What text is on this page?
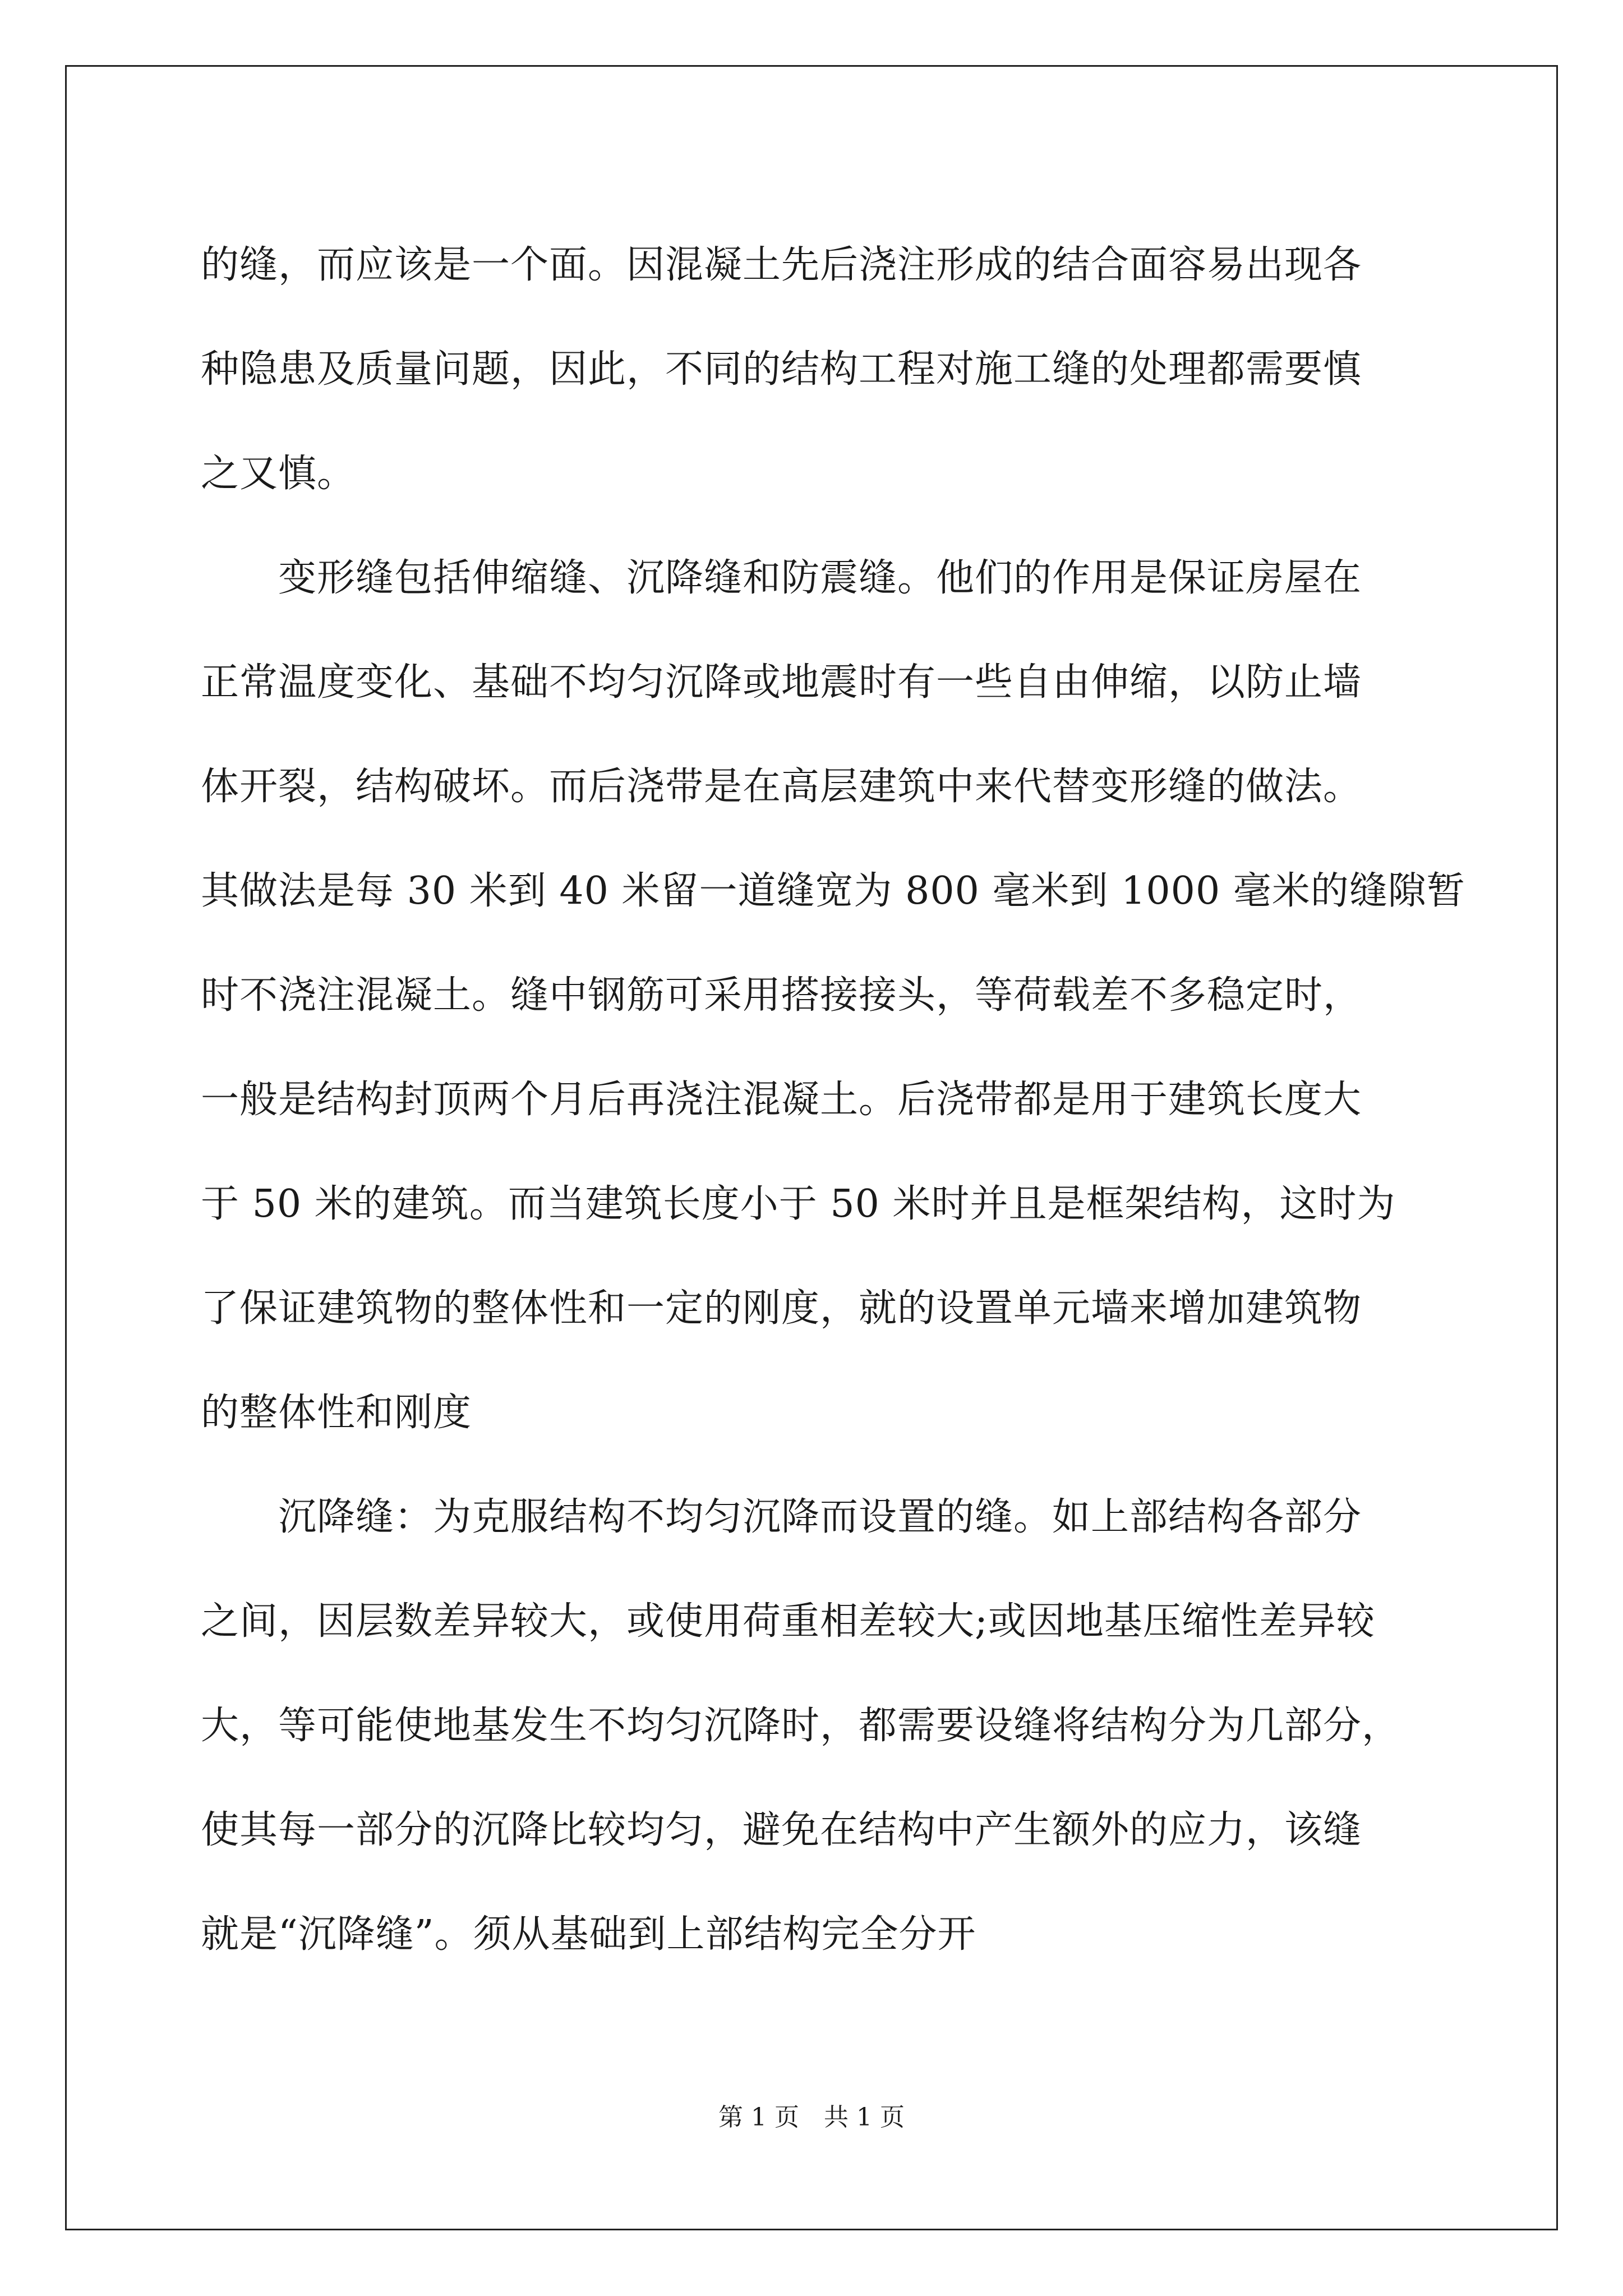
的缝，而应该是一个面。因混凝土先后浇注形成的结合面容易出现各
种隐患及质量问题，因此，不同的结构工程对施工缝的处理都需要慎
之又慎。
　　变形缝包括伸缩缝、沉降缝和防震缝。他们的作用是保证房屋在
正常温度变化、基础不均匀沉降或地震时有一些自由伸缩，以防止墙
体开裂，结构破坏。而后浇带是在高层建筑中来代替变形缝的做法。
其做法是每 30 米到 40 米留一道缝宽为 800 毫米到 1000 毫米的缝隙暂
时不浇注混凝土。缝中钢筋可采用搭接接头，等荷载差不多稳定时，
一般是结构封顶两个月后再浇注混凝土。后浇带都是用于建筑长度大
于 50 米的建筑。而当建筑长度小于 50 米时并且是框架结构，这时为
了保证建筑物的整体性和一定的刚度，就的设置单元墙来增加建筑物
的整体性和刚度
　　沉降缝：为克服结构不均匀沉降而设置的缝。如上部结构各部分
之间，因层数差异较大，或使用荷重相差较大;或因地基压缩性差异较
大，等可能使地基发生不均匀沉降时，都需要设缝将结构分为几部分，
使其每一部分的沉降比较均匀，避免在结构中产生额外的应力，该缝
就是“沉降缝”。须从基础到上部结构完全分开
第 1 页　共 1 页
